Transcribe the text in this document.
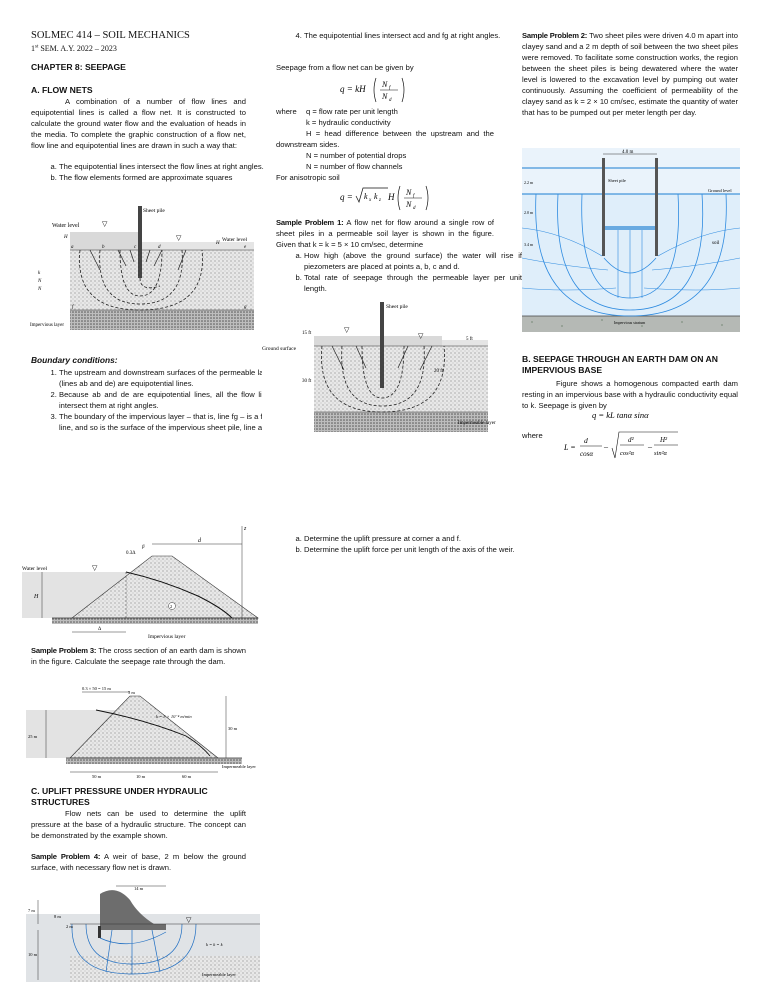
SOLMEC 414 – SOIL MECHANICS
1st SEM. A.Y. 2022 – 2023
CHAPTER 8: SEEPAGE
A. FLOW NETS
A combination of a number of flow lines and equipotential lines is called a flow net. It is constructed to calculate the ground water flow and the evaluation of heads in the media. To complete the graphic construction of a flow net, flow line and equipotential lines are drawn in such a way that:
a. The equipotential lines intersect the flow lines at right angles.
b. The flow elements formed are approximate squares
Water level
Sheet pile
Water level
Impervious layer
H
H
a	b	c	d	e
f	g
k
N
N
▽
▽
Boundary conditions:
1. The upstream and downstream surfaces of the permeable layer (lines ab and de) are equipotential lines.
2. Because ab and de are equipotential lines, all the flow lines intersect them at right angles.
3. The boundary of the impervious layer – that is, line fg – is a flow line, and so is the surface of the impervious sheet pile, line acd.
4. The equipotential lines intersect acd and fg at right angles.
Seepage from a flow net can be given by
q = kH N f
N d
where q = flow rate per unit length
k = hydraulic conductivity
H = head difference between the upstream and the downstream sides.
N = number of potential drops
N = number of flow channels
For anisotropic soil
q = k x k z H N f
N d
Sample Problem 1: A flow net for flow around a single row of sheet piles in a permeable soil layer is shown in the figure. Given that k = k = 5 × 10 cm/sec, determine
a. How high (above the ground surface) the water will rise if piezometers are placed at points a, b, c and d.
b. Total rate of seepage through the permeable layer per unit length.
Sheet pile
Ground surface
15 ft
5 ft
30 ft
20 ft
Impermeable layer
▽
▽
a. Determine the uplift pressure at corner a and f.
b. Determine the uplift force per unit length of the axis of the weir.
Sample Problem 2: Two sheet piles were driven 4.0 m apart into clayey sand and a 2 m depth of soil between the two sheet piles were removed. To facilitate some construction works, the region between the sheet piles is being dewatered where the water level is lowered to the excavation level by pumping out water continuously. Assuming the coefficient of permeability of the clayey sand as k = 2 × 10 cm/sec, estimate the quantity of water that has to be pumped out per meter length per day.
4.0 m
Sheet pile
Ground level
soil
Impervious stratum
2.2 m
2.0 m
3.4 m
B. SEEPAGE THROUGH AN EARTH DAM ON AN IMPERVIOUS BASE
Figure shows a homogenous compacted earth dam resting in an impervious base with a hydraulic conductivity equal to k. Seepage is given by
q = kL tanα sinα
where
L =
d
cosα
–
d²
cos²α
–
H²
sin²α
2
Water level
Impervious layer
d
H
z
0.3Δ
β
Δ
▽
Sample Problem 3: The cross section of an earth dam is shown in the figure. Calculate the seepage rate through the dam.
0.3 × 50 = 15 m
5 m
k = 3 × 10⁻⁴ m/min
25 m
30 m
50 m	10 m	60 m
Impermeable layer
C. UPLIFT PRESSURE UNDER HYDRAULIC STRUCTURES
Flow nets can be used to determine the uplift pressure at the base of a hydraulic structure. The concept can be demonstrated by the example shown.
Sample Problem 4: A weir of base, 2 m below the ground surface, with necessary flow net is drawn.
14 m
7 m
8 m
2 m
10 m
k = k = k
Impermeable layer
▽
